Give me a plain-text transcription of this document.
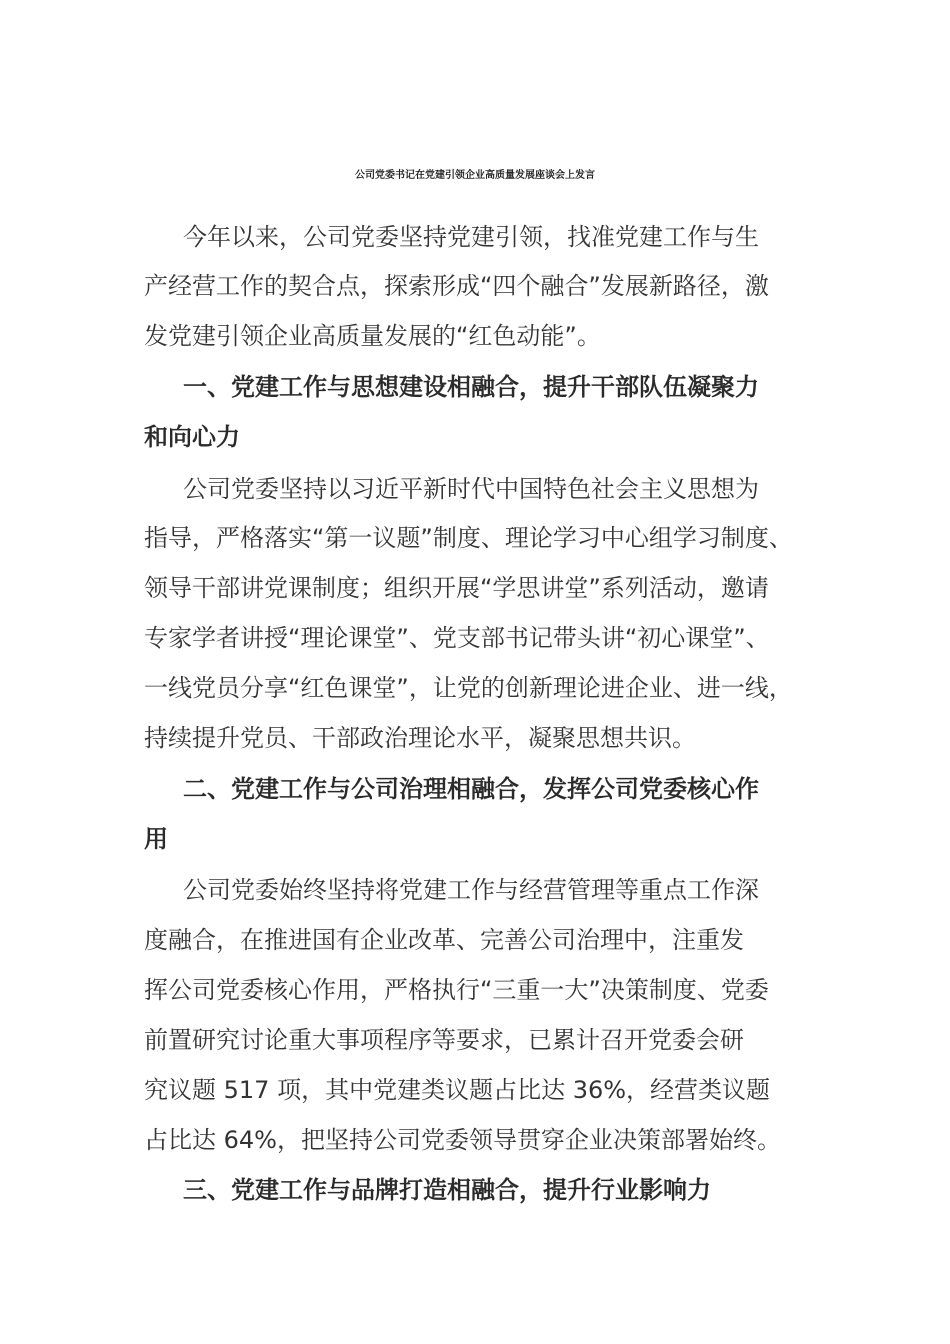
公司党委书记在党建引领企业高质量发展座谈会上发言
今年以来，公司党委坚持党建引领，找准党建工作与生
产经营工作的契合点，探索形成“四个融合”发展新路径，激
发党建引领企业高质量发展的“红色动能”。
一、党建工作与思想建设相融合，提升干部队伍凝聚力
和向心力
公司党委坚持以习近平新时代中国特色社会主义思想为
指导，严格落实“第一议题”制度、理论学习中心组学习制度、
领导干部讲党课制度；组织开展“学思讲堂”系列活动，邀请
专家学者讲授“理论课堂”、党支部书记带头讲“初心课堂”、
一线党员分享“红色课堂”，让党的创新理论进企业、进一线，
持续提升党员、干部政治理论水平，凝聚思想共识。
二、党建工作与公司治理相融合，发挥公司党委核心作
用
公司党委始终坚持将党建工作与经营管理等重点工作深
度融合，在推进国有企业改革、完善公司治理中，注重发
挥公司党委核心作用，严格执行“三重一大”决策制度、党委
前置研究讨论重大事项程序等要求，已累计召开党委会研
究议题 517 项，其中党建类议题占比达 36%，经营类议题
占比达 64%，把坚持公司党委领导贯穿企业决策部署始终。
三、党建工作与品牌打造相融合，提升行业影响力
